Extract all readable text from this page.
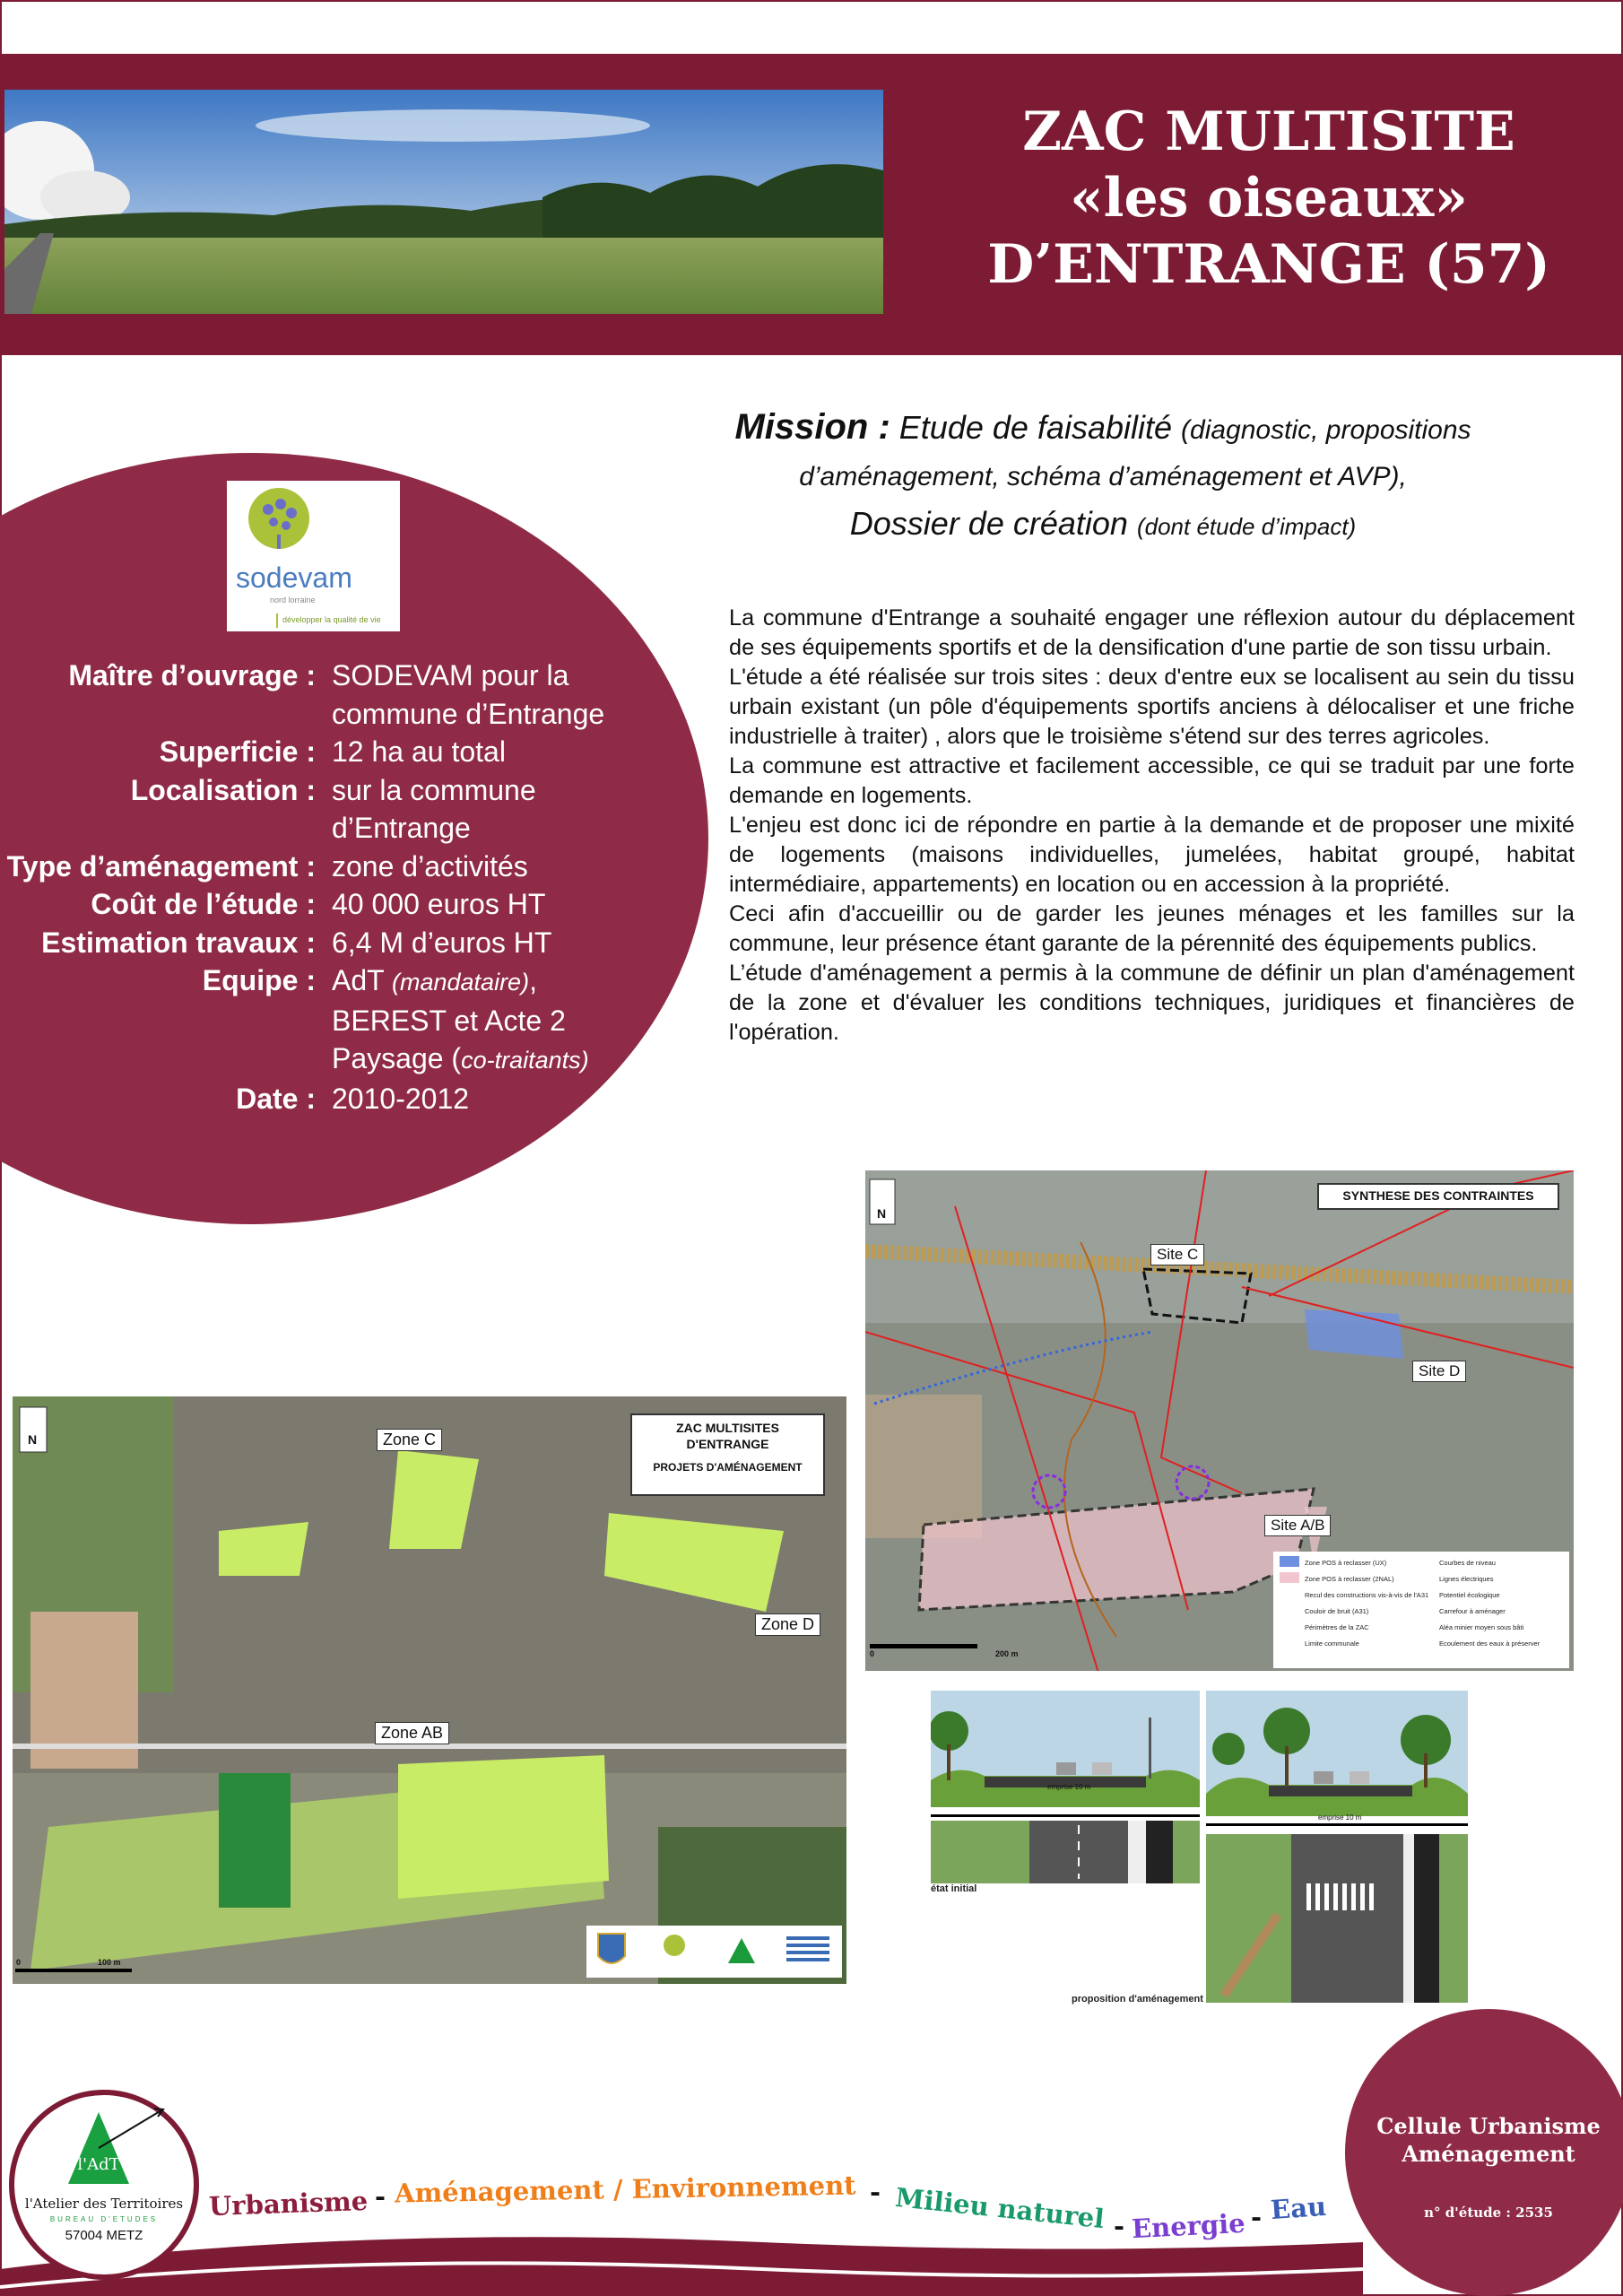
ZAC MULTISITE
«les oiseaux»
D’ENTRANGE (57)
Mission : Etude de faisabilité (diagnostic, propositions
d’aménagement, schéma d’aménagement et AVP),
Dossier de création (dont étude d’impact)

La commune d'Entrange a souhaité engager une réflexion autour du déplacement de ses équipements sportifs et de la densification d'une partie de son tissu urbain.

L'étude a été réalisée sur trois sites : deux d'entre eux se localisent au sein du tissu urbain existant (un pôle d'équipements sportifs anciens à délocaliser et une friche industrielle à traiter) , alors que le troisième s'étend sur des terres agricoles.

La commune est attractive et facilement accessible, ce qui se traduit par une forte demande en logements.

L'enjeu est donc ici de répondre en partie à la demande et de proposer une mixité de logements (maisons individuelles, jumelées, habitat groupé, habitat intermédiaire, appartements) en location ou en accession à la propriété.

Ceci afin d'accueillir ou de garder les jeunes ménages et les familles sur la commune, leur présence étant garante de la pérennité des équipements publics.

L’étude d'aménagement a permis à la commune de définir un plan d'aménagement de la zone et d'évaluer les conditions techniques, juridiques et financières de l'opération.

sodevam
nord lorraine
développer la qualité de vie
Maître d’ouvrage : SODEVAM pour la
commune d’Entrange
Superficie : 12 ha au total
Localisation : sur la commune
d’Entrange
Type d’aménagement : zone d’activités
Coût de l’étude : 40 000 euros HT
Estimation travaux : 6,4 M d’euros HT
Equipe : AdT (mandataire),
BEREST et Acte 2
Paysage (co-traitants)
Date : 2010-2012
N
SYNTHESE DES CONTRAINTES
Site C
Site D
Site A/B
0	200 m
Zone POS à reclasser (UX)
Zone POS à reclasser (2NAL)
Recul des constructions vis-à-vis de l'A31
Couloir de bruit (A31)
Périmètres de la ZAC
Limite communale
Courbes de niveau
Lignes électriques
Potentiel écologique
Carrefour à aménager
Aléa minier moyen sous bâti
Ecoulement des eaux à préserver
N
ZAC MULTISITES
D'ENTRANGE
PROJETS D'AMÉNAGEMENT
Zone C
Zone D
Zone AB
0	100 m
emprise 10 m
état initial
emprise 10 m
proposition d'aménagement
l'AdT
l'Atelier des Territoires
BUREAU D'ETUDES
57004 METZ
Urbanisme - Aménagement / Environnement - Milieu naturel - Energie - Eau
Cellule Urbanisme
Aménagement
n° d'étude : 2535
